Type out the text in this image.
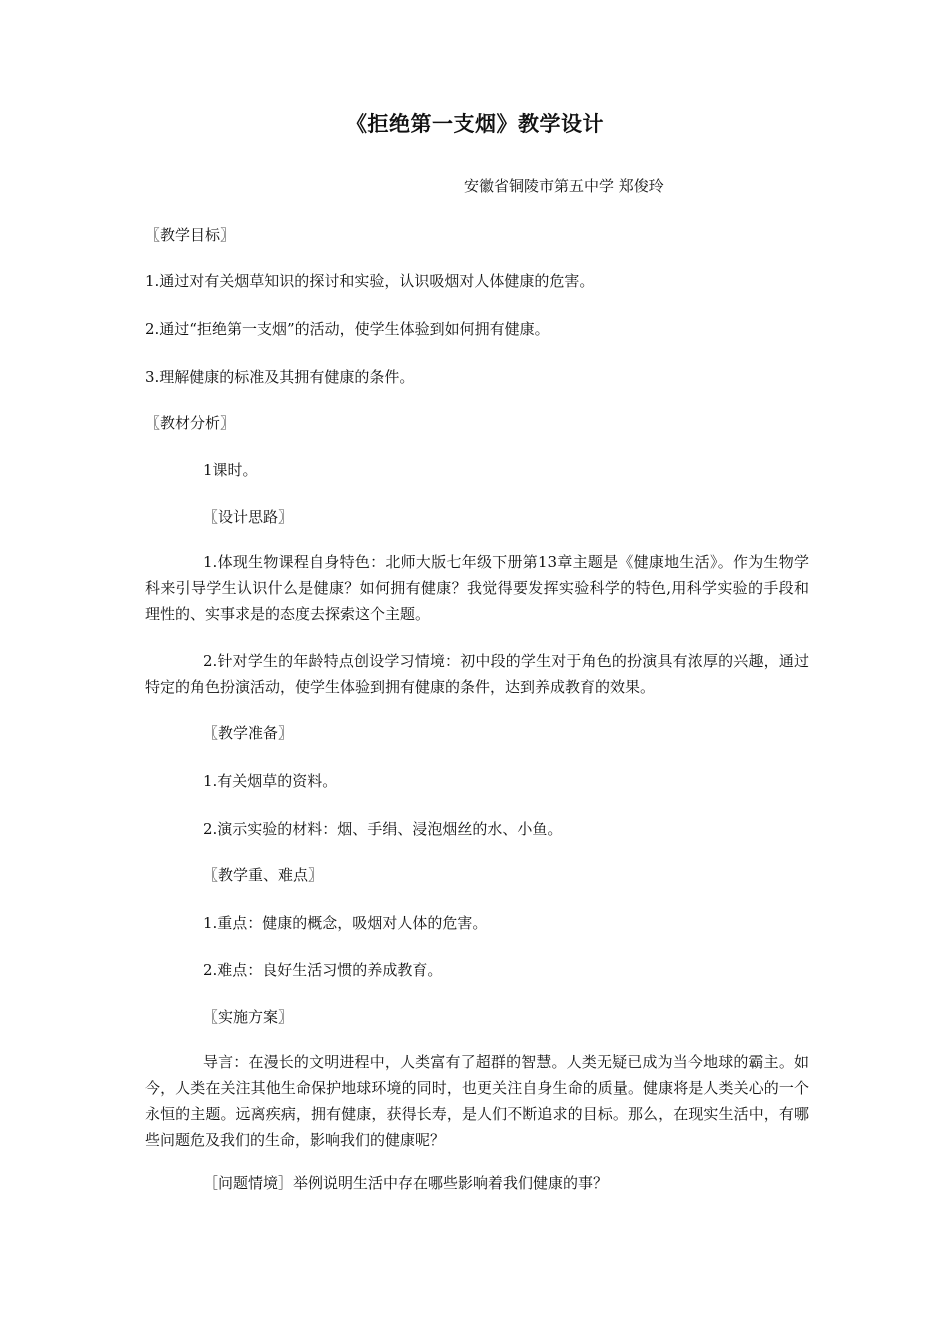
《拒绝第一支烟》教学设计
安徽省铜陵市第五中学 郑俊玲
〖教学目标〗
1.通过对有关烟草知识的探讨和实验，认识吸烟对人体健康的危害。
2.通过“拒绝第一支烟”的活动，使学生体验到如何拥有健康。
3.理解健康的标准及其拥有健康的条件。
〖教材分析〗
1课时。
〖设计思路〗
1.体现生物课程自身特色：北师大版七年级下册第13章主题是《健康地生活》。作为生物学科来引导学生认识什么是健康？如何拥有健康？我觉得要发挥实验科学的特色,用科学实验的手段和理性的、实事求是的态度去探索这个主题。
2.针对学生的年龄特点创设学习情境：初中段的学生对于角色的扮演具有浓厚的兴趣，通过特定的角色扮演活动，使学生体验到拥有健康的条件，达到养成教育的效果。
〖教学准备〗
1.有关烟草的资料。
2.演示实验的材料：烟、手绢、浸泡烟丝的水、小鱼。
〖教学重、难点〗
1.重点：健康的概念，吸烟对人体的危害。
2.难点：良好生活习惯的养成教育。
〖实施方案〗
导言：在漫长的文明进程中，人类富有了超群的智慧。人类无疑已成为当今地球的霸主。如今，人类在关注其他生命保护地球环境的同时，也更关注自身生命的质量。健康将是人类关心的一个永恒的主题。远离疾病，拥有健康，获得长寿，是人们不断追求的目标。那么，在现实生活中，有哪些问题危及我们的生命，影响我们的健康呢？
［问题情境］举例说明生活中存在哪些影响着我们健康的事？
